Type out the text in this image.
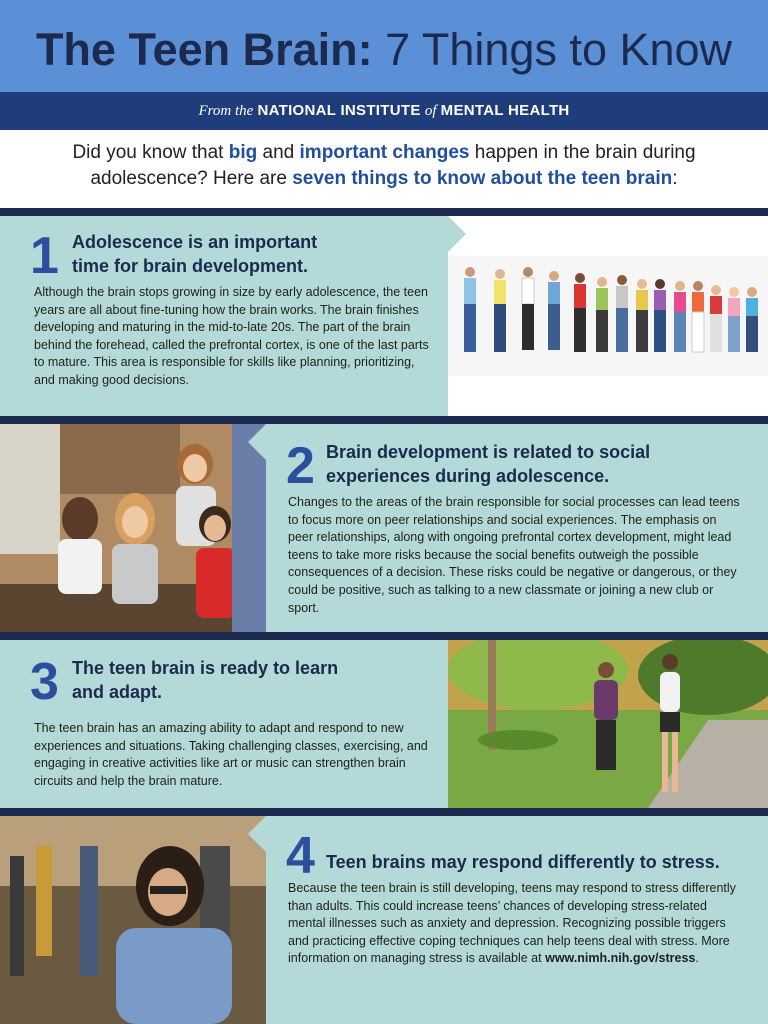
The Teen Brain: 7 Things to Know
From the NATIONAL INSTITUTE of MENTAL HEALTH
Did you know that big and important changes happen in the brain during adolescence? Here are seven things to know about the teen brain:
1 Adolescence is an important time for brain development.
Although the brain stops growing in size by early adolescence, the teen years are all about fine-tuning how the brain works. The brain finishes developing and maturing in the mid-to-late 20s. The part of the brain behind the forehead, called the prefrontal cortex, is one of the last parts to mature. This area is responsible for skills like planning, prioritizing, and making good decisions.
2 Brain development is related to social experiences during adolescence.
Changes to the areas of the brain responsible for social processes can lead teens to focus more on peer relationships and social experiences. The emphasis on peer relationships, along with ongoing prefrontal cortex development, might lead teens to take more risks because the social benefits outweigh the possible consequences of a decision. These risks could be negative or dangerous, or they could be positive, such as talking to a new classmate or joining a new club or sport.
3 The teen brain is ready to learn and adapt.
The teen brain has an amazing ability to adapt and respond to new experiences and situations. Taking challenging classes, exercising, and engaging in creative activities like art or music can strengthen brain circuits and help the brain mature.
4 Teen brains may respond differently to stress.
Because the teen brain is still developing, teens may respond to stress differently than adults. This could increase teens’ chances of developing stress-related mental illnesses such as anxiety and depression. Recognizing possible triggers and practicing effective coping techniques can help teens deal with stress. More information on managing stress is available at www.nimh.nih.gov/stress.
